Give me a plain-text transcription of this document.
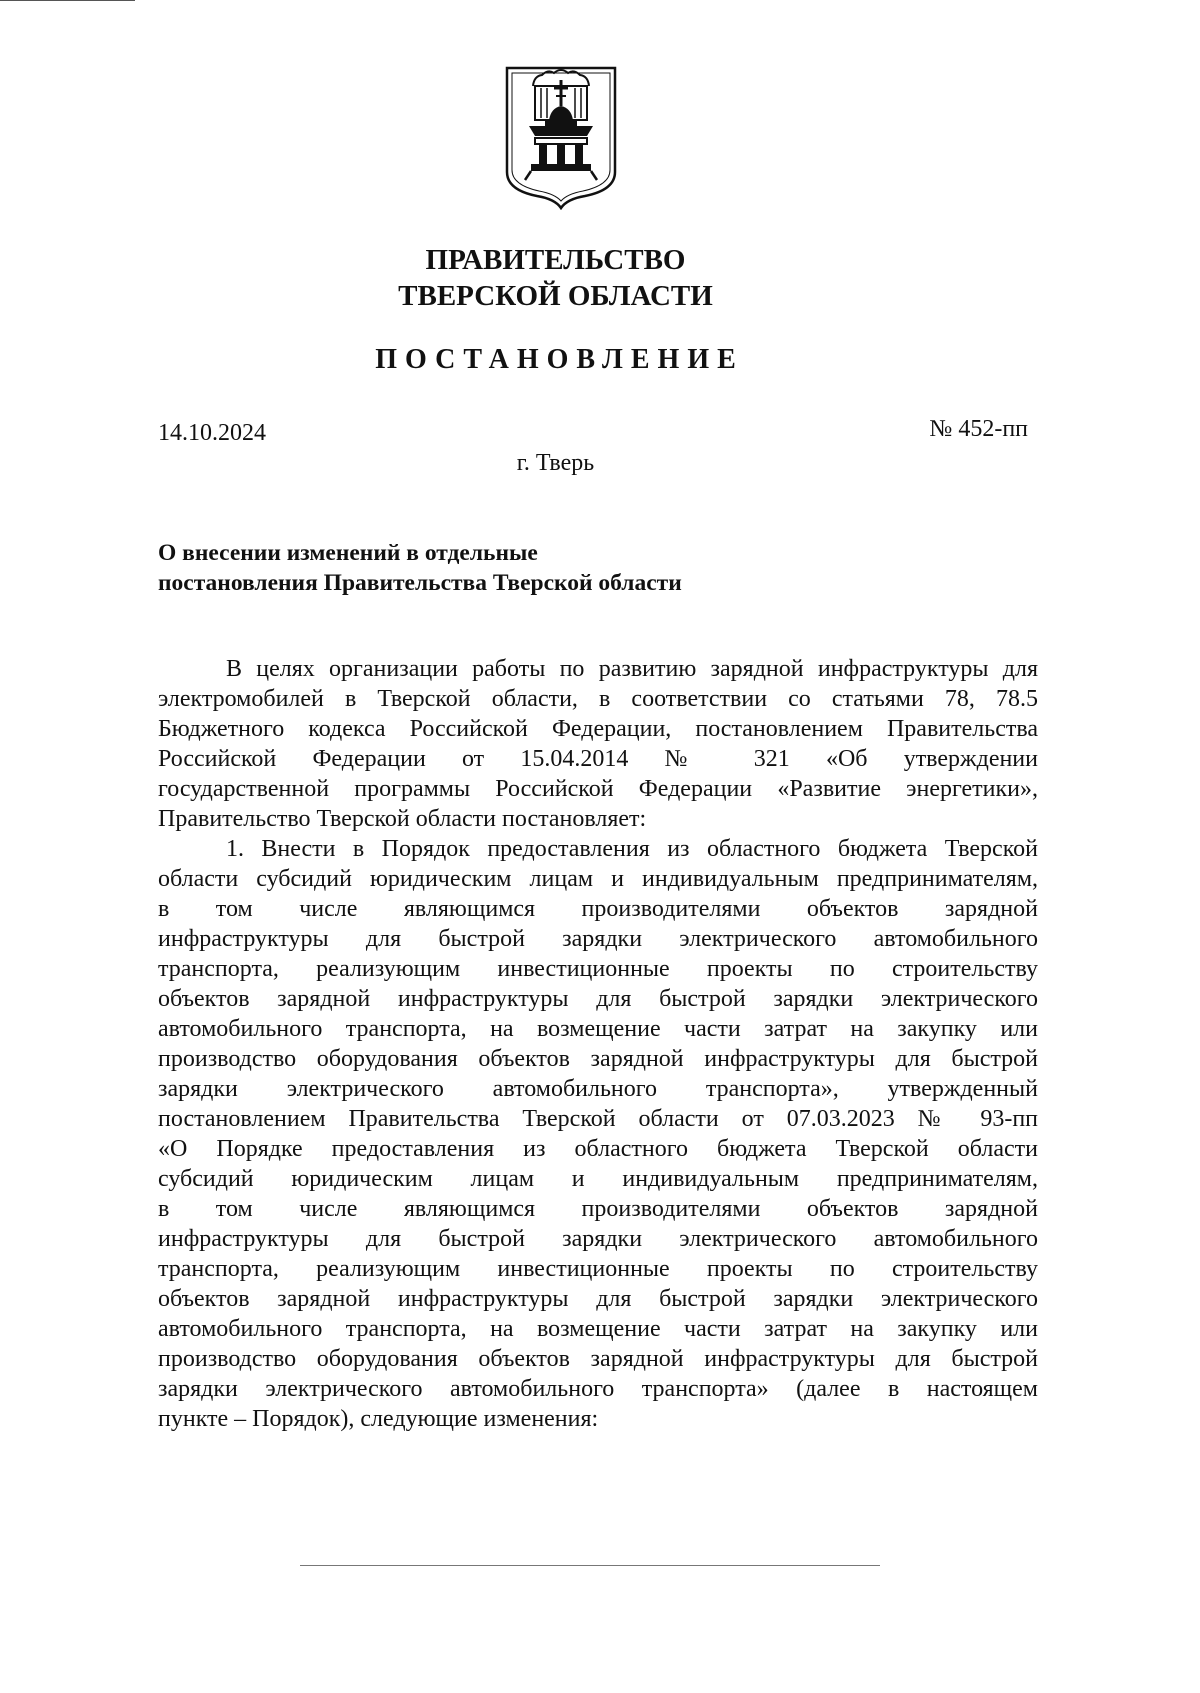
ПРАВИТЕЛЬСТВО
ТВЕРСКОЙ ОБЛАСТИ
ПОСТАНОВЛЕНИЕ
14.10.2024	№ 452-пп
г. Тверь
О внесении изменений в отдельные
постановления Правительства Тверской области
В целях организации работы по развитию зарядной инфраструктуры для
электромобилей в Тверской области, в соответствии со статьями 78, 78.5
Бюджетного кодекса Российской Федерации, постановлением Правительства
Российской Федерации от 15.04.2014 № 321 «Об утверждении
государственной программы Российской Федерации «Развитие энергетики»,
Правительство Тверской области постановляет:
1. Внести в Порядок предоставления из областного бюджета Тверской
области субсидий юридическим лицам и индивидуальным предпринимателям,
в том числе являющимся производителями объектов зарядной
инфраструктуры для быстрой зарядки электрического автомобильного
транспорта, реализующим инвестиционные проекты по строительству
объектов зарядной инфраструктуры для быстрой зарядки электрического
автомобильного транспорта, на возмещение части затрат на закупку или
производство оборудования объектов зарядной инфраструктуры для быстрой
зарядки электрического автомобильного транспорта», утвержденный
постановлением Правительства Тверской области от 07.03.2023 № 93-пп
«О Порядке предоставления из областного бюджета Тверской области
субсидий юридическим лицам и индивидуальным предпринимателям,
в том числе являющимся производителями объектов зарядной
инфраструктуры для быстрой зарядки электрического автомобильного
транспорта, реализующим инвестиционные проекты по строительству
объектов зарядной инфраструктуры для быстрой зарядки электрического
автомобильного транспорта, на возмещение части затрат на закупку или
производство оборудования объектов зарядной инфраструктуры для быстрой
зарядки электрического автомобильного транспорта» (далее в настоящем
пункте – Порядок), следующие изменения:
